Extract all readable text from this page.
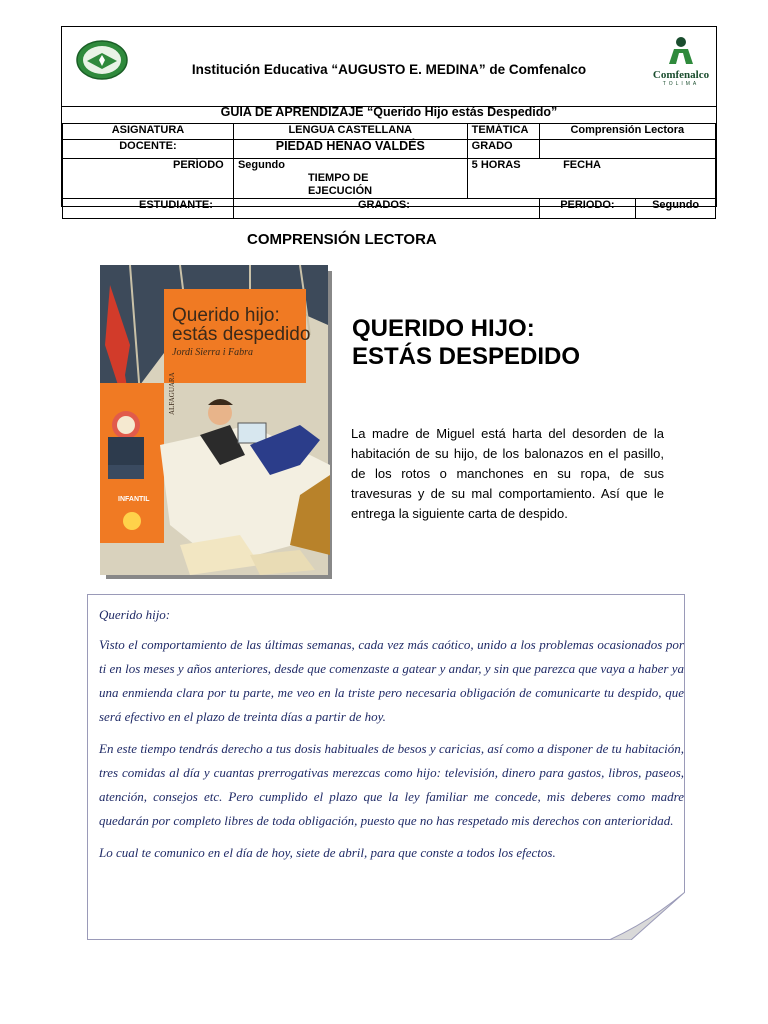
Institución Educativa “AUGUSTO E. MEDINA” de Comfenalco	Comfenalco
TOLIMA
GUIA DE APRENDIZAJE “Querido Hijo estás Despedido”				
ASIGNATURA	LENGUA CASTELLANA	TEMÁTICA	Comprensión Lectora	
DOCENTE:	PIEDAD HENAO VALDÉS	GRADO		
PERÍODO	Segundo TIEMPO DE EJECUCIÓN	5 HORAS	FECHA	
ESTUDIANTE:	GRADOS:		PERIODO:	Segundo
COMPRENSIÓN LECTORA
Querido hijo:
estás despedido
Jordi Sierra i Fabra
ALFAGUARA
INFANTIL
QUERIDO HIJO:
ESTÁS DESPEDIDO
La madre de Miguel está harta del desorden de la habitación de su hijo, de los balonazos en el pasillo, de los rotos o manchones en su ropa, de sus travesuras y de su mal comportamiento. Así que le entrega la siguiente carta de despido.

Querido hijo:

Visto el comportamiento de las últimas semanas, cada vez más caótico, unido a los problemas ocasionados por ti en los meses y años anteriores, desde que comenzaste a gatear y andar, y sin que parezca que vaya a haber ya una enmienda clara por tu parte, me veo en la triste pero necesaria obligación de comunicarte tu despido, que será efectivo en el plazo de treinta días a partir de hoy.

En este tiempo tendrás derecho a tus dosis habituales de besos y caricias, así como a disponer de tu habitación, tres comidas al día y cuantas prerrogativas merezcas como hijo: televisión, dinero para gastos, libros, paseos, atención, consejos etc. Pero cumplido el plazo que la ley familiar me concede, mis deberes como madre quedarán por completo libres de toda obligación, puesto que no has respetado mis derechos con anterioridad.

Lo cual te comunico en el día de hoy, siete de abril, para que conste a todos los efectos.
